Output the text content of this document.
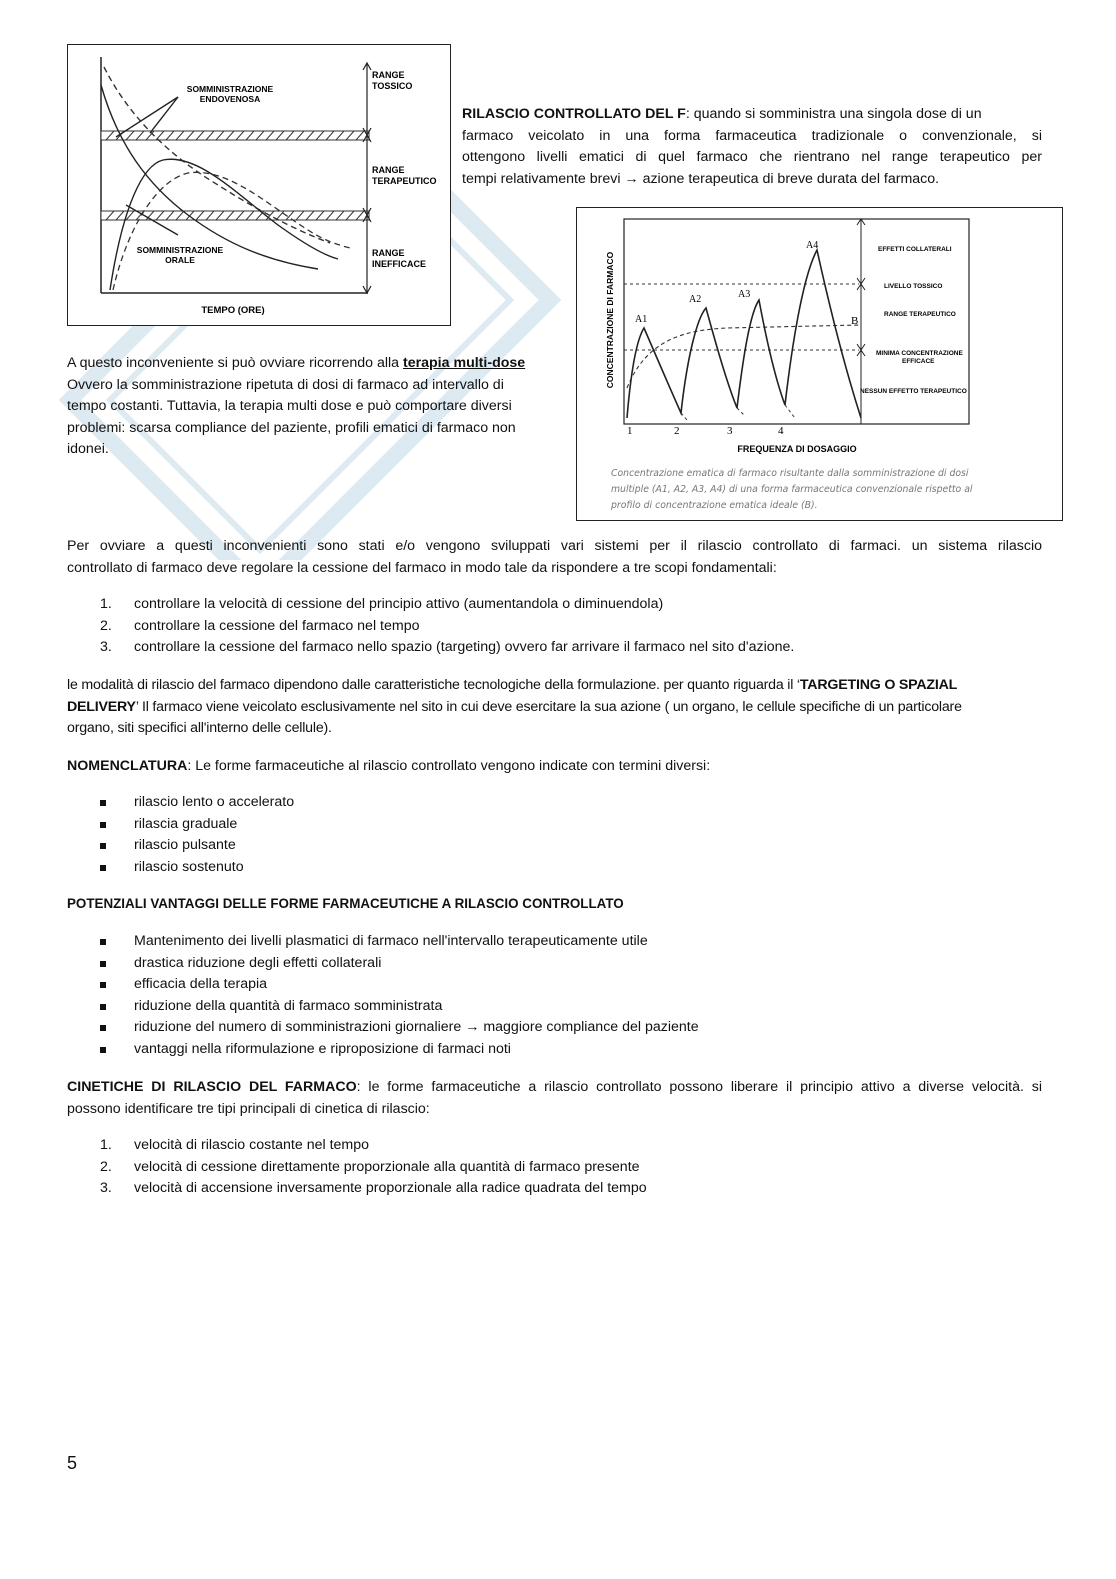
SOMMINISTRAZIONE
ENDOVENOSA
SOMMINISTRAZIONE
ORALE
RANGE
TOSSICO
RANGE
TERAPEUTICO
RANGE
INEFFICACE
TEMPO (ORE)
RILASCIO CONTROLLATO DEL F: quando si somministra una singola dose di un
farmaco veicolato in una forma farmaceutica tradizionale o convenzionale, si
ottengono livelli ematici di quel farmaco che rientrano nel range terapeutico per
tempi relativamente brevi → azione terapeutica di breve durata del farmaco.
CONCENTRAZIONE DI FARMACO
1	2	3	4
FREQUENZA DI DOSAGGIO
A1
A2	A3
A4
B
EFFETTI COLLATERALI
LIVELLO TOSSICO
RANGE TERAPEUTICO
MINIMA CONCENTRAZIONE
EFFICACE
NESSUN EFFETTO TERAPEUTICO
Concentrazione ematica di farmaco risultante dalla somministrazione di dosi
multiple (A1, A2, A3, A4) di una forma farmaceutica convenzionale rispetto al
profilo di concentrazione ematica ideale (B).
A questo inconveniente si può ovviare ricorrendo alla terapia multi-dose
Ovvero la somministrazione ripetuta di dosi di farmaco ad intervallo di
tempo costanti. Tuttavia, la terapia multi dose e può comportare diversi
problemi: scarsa compliance del paziente, profili ematici di farmaco non
idonei.
Per ovviare a questi inconvenienti sono stati e/o vengono sviluppati vari sistemi per il rilascio controllato di farmaci. un sistema rilascio
controllato di farmaco deve regolare la cessione del farmaco in modo tale da rispondere a tre scopi fondamentali:
1. controllare la velocità di cessione del principio attivo (aumentandola o diminuendola)
2. controllare la cessione del farmaco nel tempo
3. controllare la cessione del farmaco nello spazio (targeting) ovvero far arrivare il farmaco nel sito d'azione.
le modalità di rilascio del farmaco dipendono dalle caratteristiche tecnologiche della formulazione. per quanto riguarda il ‘TARGETING O SPAZIAL
DELIVERY’ Il farmaco viene veicolato esclusivamente nel sito in cui deve esercitare la sua azione ( un organo, le cellule specifiche di un particolare
organo, siti specifici all'interno delle cellule).
NOMENCLATURA: Le forme farmaceutiche al rilascio controllato vengono indicate con termini diversi:
rilascio lento o accelerato
rilascia graduale
rilascio pulsante
rilascio sostenuto
POTENZIALI VANTAGGI DELLE FORME FARMACEUTICHE A RILASCIO CONTROLLATO
Mantenimento dei livelli plasmatici di farmaco nell'intervallo terapeuticamente utile
drastica riduzione degli effetti collaterali
efficacia della terapia
riduzione della quantità di farmaco somministrata
riduzione del numero di somministrazioni giornaliere → maggiore compliance del paziente
vantaggi nella riformulazione e riproposizione di farmaci noti
CINETICHE DI RILASCIO DEL FARMACO: le forme farmaceutiche a rilascio controllato possono liberare il principio attivo a diverse velocità. si
possono identificare tre tipi principali di cinetica di rilascio:
1. velocità di rilascio costante nel tempo
2. velocità di cessione direttamente proporzionale alla quantità di farmaco presente
3. velocità di accensione inversamente proporzionale alla radice quadrata del tempo
5
